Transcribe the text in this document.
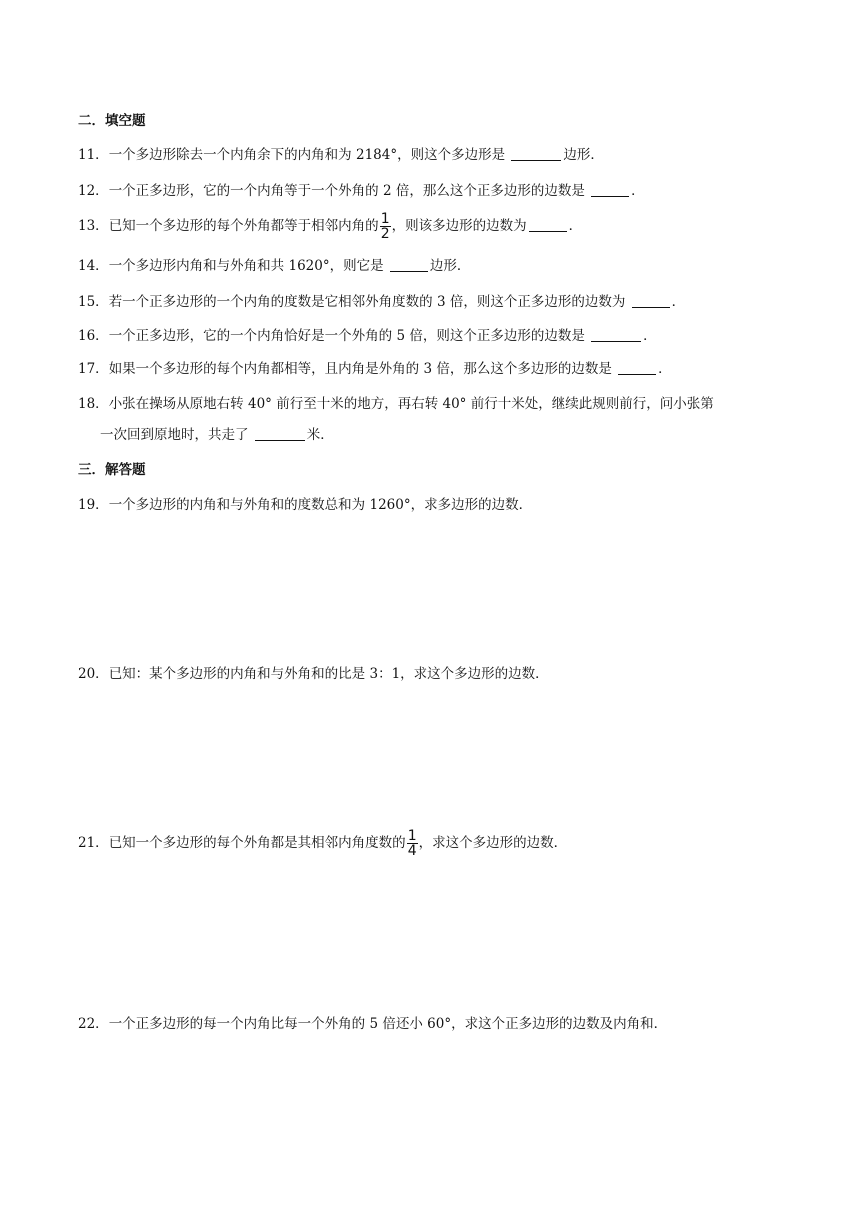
二．填空题
11．一个多边形除去一个内角余下的内角和为 2184°，则这个多边形是	边形．
12．一个正多边形，它的一个内角等于一个外角的 2 倍，那么这个正多边形的边数是	．
13．已知一个多边形的每个外角都等于相邻内角的 $\frac{1}{2}$ ，则该多边形的边数为	．
14．一个多边形内角和与外角和共 1620°，则它是	边形．
15．若一个正多边形的一个内角的度数是它相邻外角度数的 3 倍，则这个正多边形的边数为	．
16．一个正多边形，它的一个内角恰好是一个外角的 5 倍，则这个正多边形的边数是	．
17．如果一个多边形的每个内角都相等，且内角是外角的 3 倍，那么这个多边形的边数是	．
18．小张在操场从原地右转 40° 前行至十米的地方，再右转 40° 前行十米处，继续此规则前行，问小张第
一次回到原地时，共走了	米．
三．解答题
19．一个多边形的内角和与外角和的度数总和为 1260°，求多边形的边数．
20．已知：某个多边形的内角和与外角和的比是 3：1，求这个多边形的边数．
21．已知一个多边形的每个外角都是其相邻内角度数的 $\frac{1}{4}$ ，求这个多边形的边数．
22．一个正多边形的每一个内角比每一个外角的 5 倍还小 60°，求这个正多边形的边数及内角和．
